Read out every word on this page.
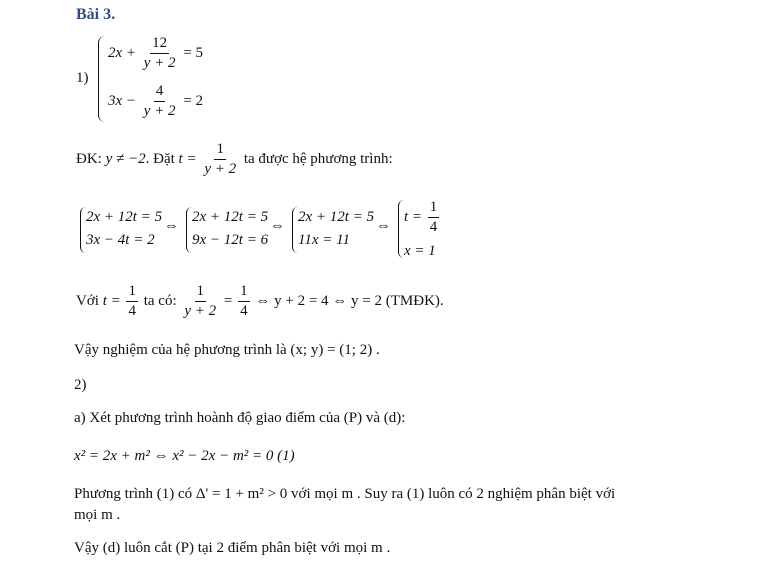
Bài 3.
1)
$2x + \frac{12}{y + 2} = 5$
$3x - \frac{4}{y + 2} = 2$
ĐK: y ≠ −2. Đặt $t = \frac{1}{y + 2}$ ta được hệ phương trình:
2x + 12t = 5
3x − 4t = 2
⇔
2x + 12t = 5
9x − 12t = 6
⇔
2x + 12t = 5
11x = 11
⇔
$t = \frac{1}{4}$
x = 1
Với $t = \frac{1}{4}$ ta có: $\frac{1}{y + 2} = \frac{1}{4}$ ⇔ y + 2 = 4 ⇔ y = 2 (TMĐK).
Vậy nghiệm của hệ phương trình là (x; y) = (1; 2) .
2)
a) Xét phương trình hoành độ giao điểm của (P) và (d):
x² = 2x + m² ⇔ x² − 2x − m² = 0 (1)
Phương trình (1) có Δ' = 1 + m² > 0 với mọi m . Suy ra (1) luôn có 2 nghiệm phân biệt với
mọi m .
Vậy (d) luôn cắt (P) tại 2 điểm phân biệt với mọi m .
